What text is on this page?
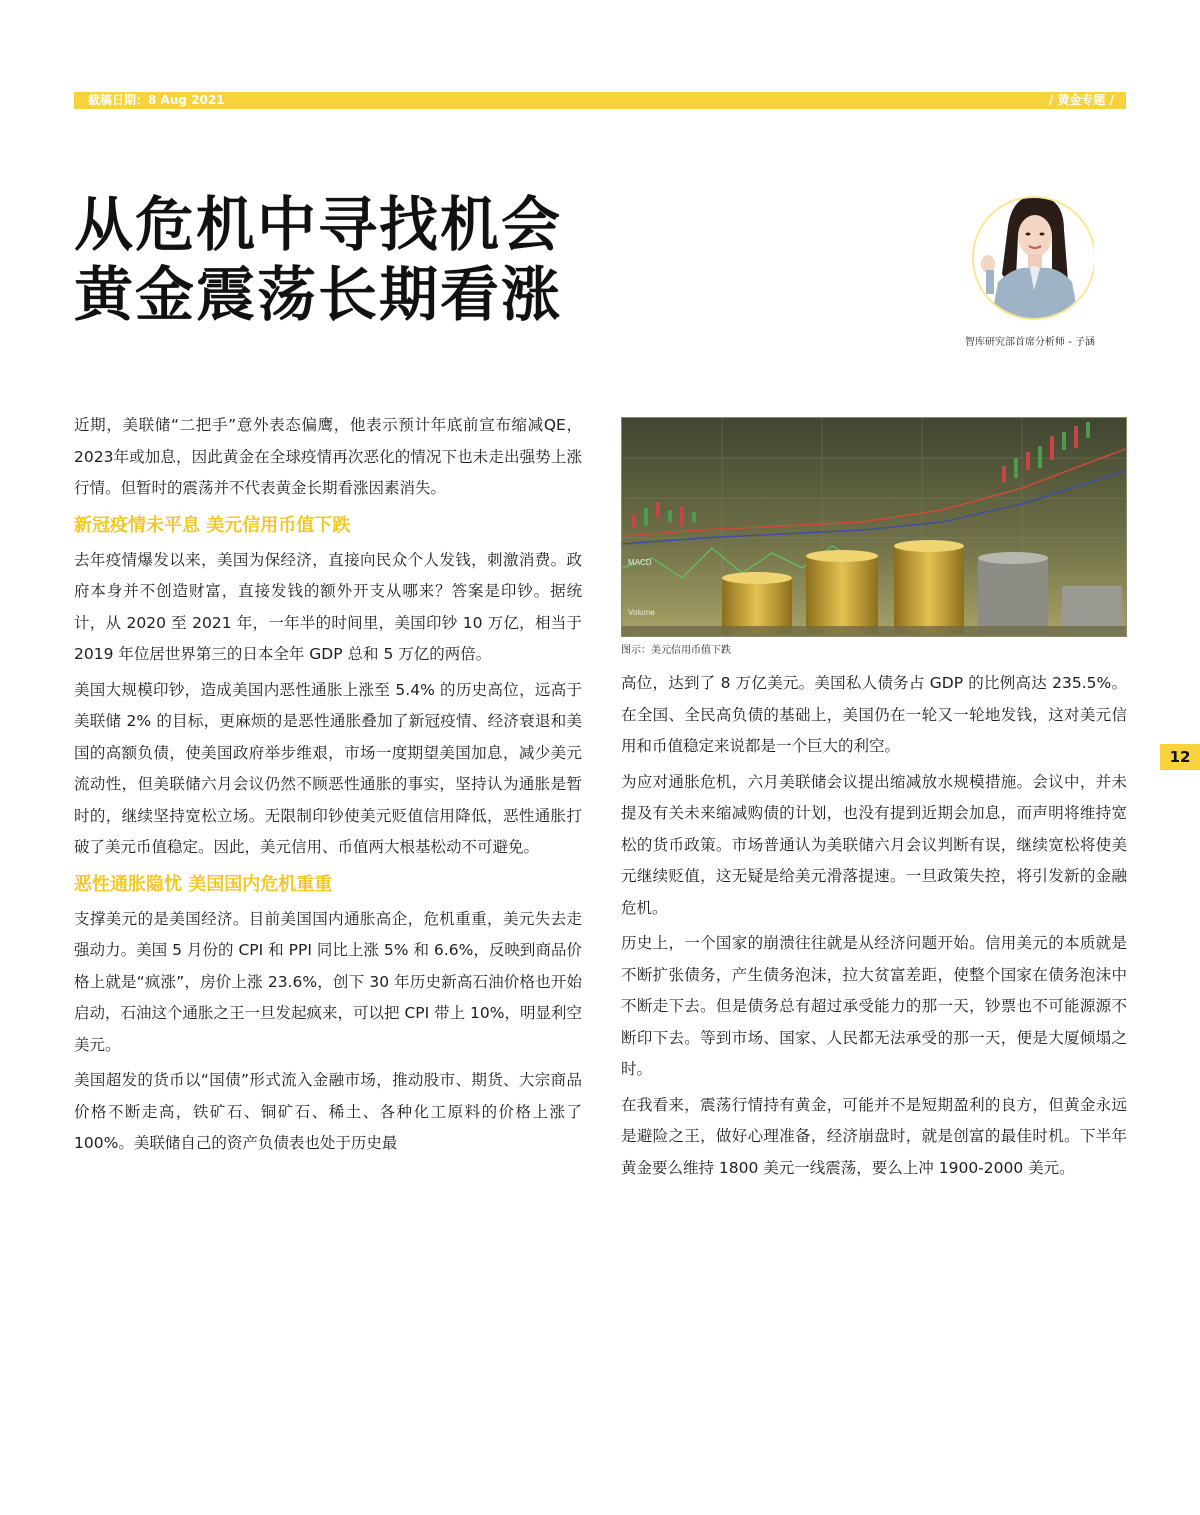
截稿日期：8 Aug 2021	/ 黄金专题 /
从危机中寻找机会
黄金震荡长期看涨
智库研究部首席分析师 - 子涵
12

近期，美联储“二把手”意外表态偏鹰，他表示预计年底前宣布缩减QE，2023年或加息，因此黄金在全球疫情再次恶化的情况下也未走出强势上涨行情。但暂时的震荡并不代表黄金长期看涨因素消失。

新冠疫情未平息 美元信用币值下跌

去年疫情爆发以来，美国为保经济，直接向民众个人发钱，刺激消费。政府本身并不创造财富，直接发钱的额外开支从哪来？答案是印钞。据统计，从 2020 至 2021 年，一年半的时间里，美国印钞 10 万亿，相当于 2019 年位居世界第三的日本全年 GDP 总和 5 万亿的两倍。

美国大规模印钞，造成美国内恶性通胀上涨至 5.4% 的历史高位，远高于美联储 2% 的目标，更麻烦的是恶性通胀叠加了新冠疫情、经济衰退和美国的高额负债，使美国政府举步维艰，市场一度期望美国加息，减少美元流动性，但美联储六月会议仍然不顾恶性通胀的事实，坚持认为通胀是暂时的，继续坚持宽松立场。无限制印钞使美元贬值信用降低，恶性通胀打破了美元币值稳定。因此，美元信用、币值两大根基松动不可避免。

恶性通胀隐忧 美国国内危机重重

支撑美元的是美国经济。目前美国国内通胀高企，危机重重，美元失去走强动力。美国 5 月份的 CPI 和 PPI 同比上涨 5% 和 6.6%，反映到商品价格上就是“疯涨”，房价上涨 23.6%，创下 30 年历史新高石油价格也开始启动，石油这个通胀之王一旦发起疯来，可以把 CPI 带上 10%，明显利空美元。

美国超发的货币以“国债”形式流入金融市场，推动股市、期货、大宗商品价格不断走高，铁矿石、铜矿石、稀土、各种化工原料的价格上涨了 100%。美联储自己的资产负债表也处于历史最

MACD
Volume
图示：美元信用币值下跌

高位，达到了 8 万亿美元。美国私人债务占 GDP 的比例高达 235.5%。在全国、全民高负债的基础上，美国仍在一轮又一轮地发钱，这对美元信用和币值稳定来说都是一个巨大的利空。

为应对通胀危机，六月美联储会议提出缩减放水规模措施。会议中，并未提及有关未来缩减购债的计划，也没有提到近期会加息，而声明将维持宽松的货币政策。市场普通认为美联储六月会议判断有误，继续宽松将使美元继续贬值，这无疑是给美元滑落提速。一旦政策失控，将引发新的金融危机。

历史上，一个国家的崩溃往往就是从经济问题开始。信用美元的本质就是不断扩张债务，产生债务泡沫，拉大贫富差距，使整个国家在债务泡沫中不断走下去。但是债务总有超过承受能力的那一天，钞票也不可能源源不断印下去。等到市场、国家、人民都无法承受的那一天，便是大厦倾塌之时。

在我看来，震荡行情持有黄金，可能并不是短期盈利的良方，但黄金永远是避险之王，做好心理准备，经济崩盘时，就是创富的最佳时机。下半年黄金要么维持 1800 美元一线震荡，要么上冲 1900-2000 美元。
